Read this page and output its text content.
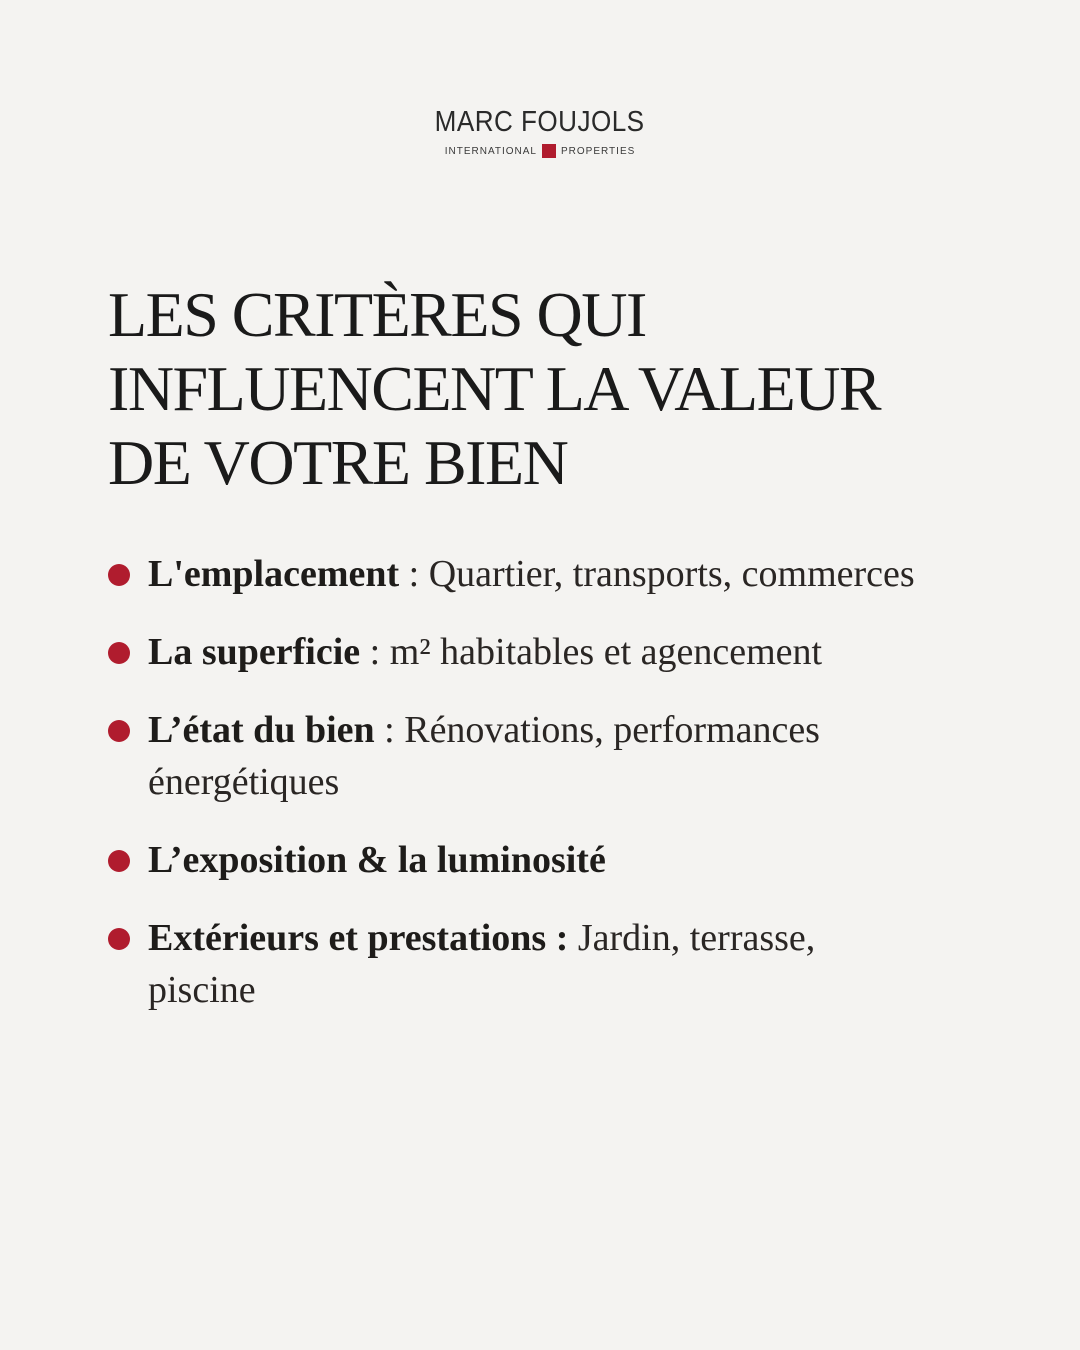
MARC FOUJOLS
INTERNATIONAL PROPERTIES
LES CRITÈRES QUI
INFLUENCENT LA VALEUR
DE VOTRE BIEN
L'emplacement : Quartier, transports, commerces
La superficie : m² habitables et agencement
L’état du bien : Rénovations, performances énergétiques
L’exposition & la luminosité
Extérieurs et prestations : Jardin, terrasse, piscine
